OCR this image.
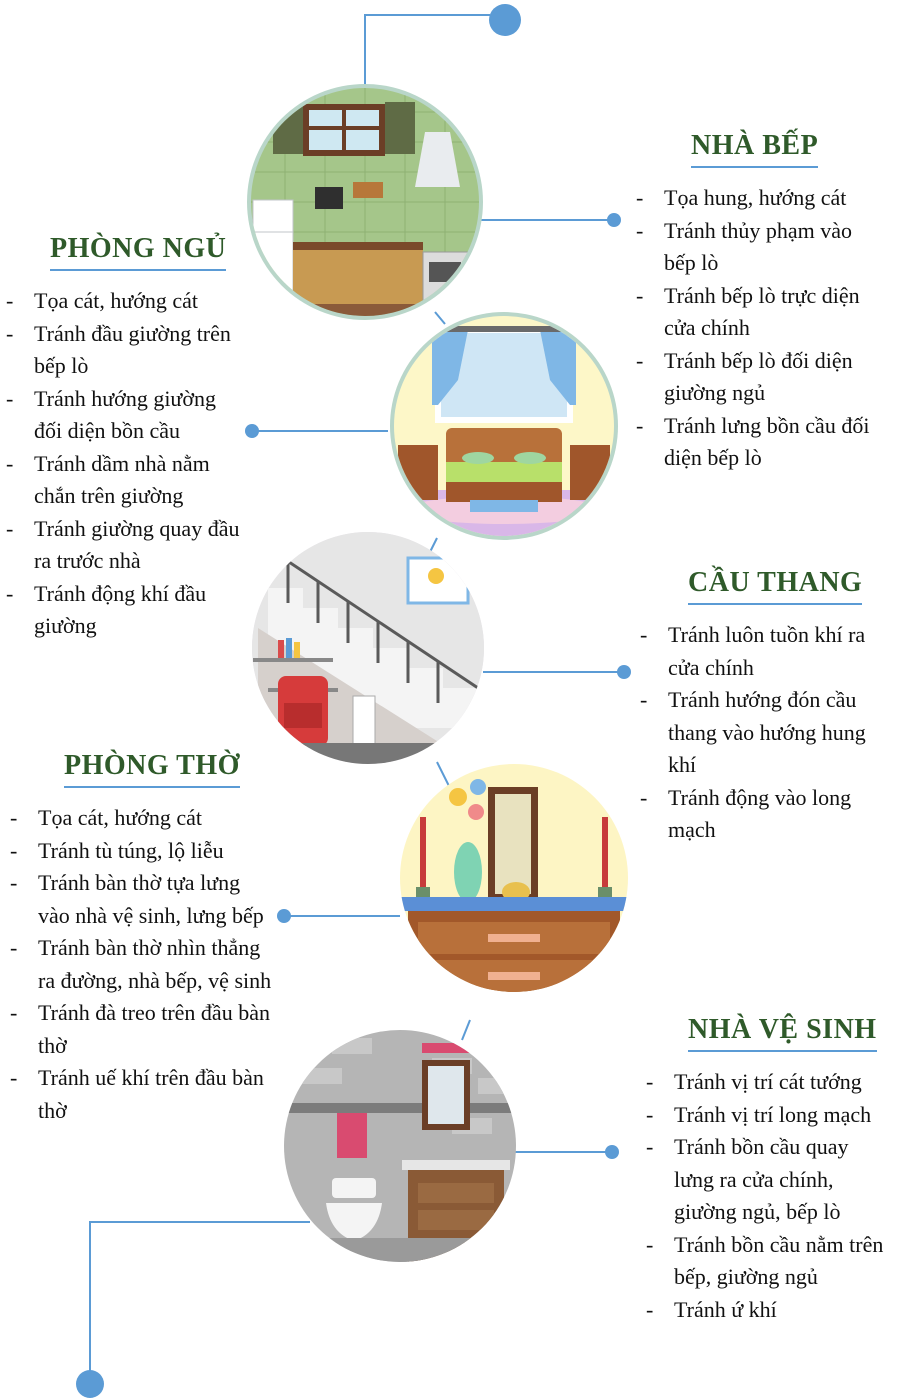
NHÀ BẾP
- Tọa hung, hướng cát
- Tránh thủy phạm vào bếp lò
- Tránh bếp lò trực diện cửa chính
- Tránh bếp lò đối diện giường ngủ
- Tránh lưng bồn cầu đối diện bếp lò
PHÒNG NGỦ
- Tọa cát, hướng cát
- Tránh đầu giường trên bếp lò
- Tránh hướng giường đối diện bồn cầu
- Tránh dầm nhà nằm chắn trên giường
- Tránh giường quay đầu ra trước nhà
- Tránh động khí đầu giường
CẦU THANG
- Tránh luôn tuồn khí ra cửa chính
- Tránh hướng đón cầu thang vào hướng hung khí
- Tránh động vào long mạch
PHÒNG THỜ
- Tọa cát, hướng cát
- Tránh tù túng, lộ liễu
- Tránh bàn thờ tựa lưng vào nhà vệ sinh, lưng bếp
- Tránh bàn thờ nhìn thẳng ra đường, nhà bếp, vệ sinh
- Tránh đà treo trên đầu bàn thờ
- Tránh uế khí trên đầu bàn thờ
NHÀ VỆ SINH
- Tránh vị trí cát tướng
- Tránh vị trí long mạch
- Tránh bồn cầu quay lưng ra cửa chính, giường ngủ, bếp lò
- Tránh bồn cầu nằm trên bếp, giường ngủ
- Tránh ứ khí
